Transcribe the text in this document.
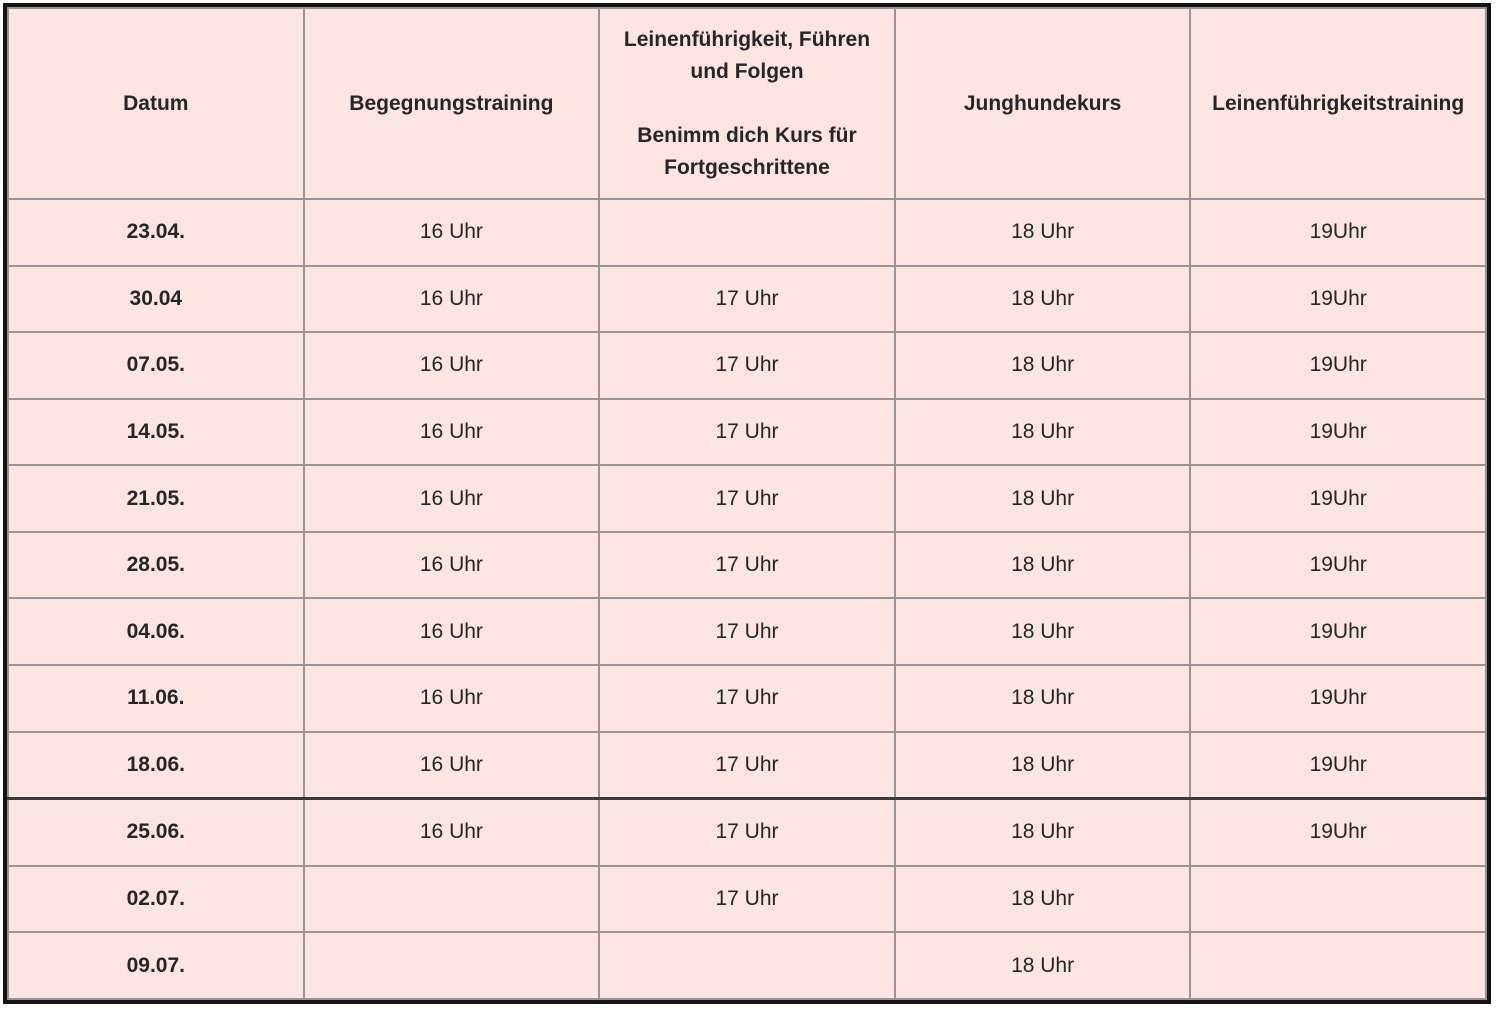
Datum	Begegnungstraining	Leinenführigkeit, Führen
und Folgen
Benimm dich Kurs für
Fortgeschrittene	Junghundekurs	Leinenführigkeitstraining

23.04.	16 Uhr		18 Uhr	19Uhr
30.04	16 Uhr	17 Uhr	18 Uhr	19Uhr
07.05.	16 Uhr	17 Uhr	18 Uhr	19Uhr
14.05.	16 Uhr	17 Uhr	18 Uhr	19Uhr
21.05.	16 Uhr	17 Uhr	18 Uhr	19Uhr
28.05.	16 Uhr	17 Uhr	18 Uhr	19Uhr
04.06.	16 Uhr	17 Uhr	18 Uhr	19Uhr
11.06.	16 Uhr	17 Uhr	18 Uhr	19Uhr
18.06.	16 Uhr	17 Uhr	18 Uhr	19Uhr
25.06.	16 Uhr	17 Uhr	18 Uhr	19Uhr
02.07.		17 Uhr	18 Uhr	
09.07.			18 Uhr	
